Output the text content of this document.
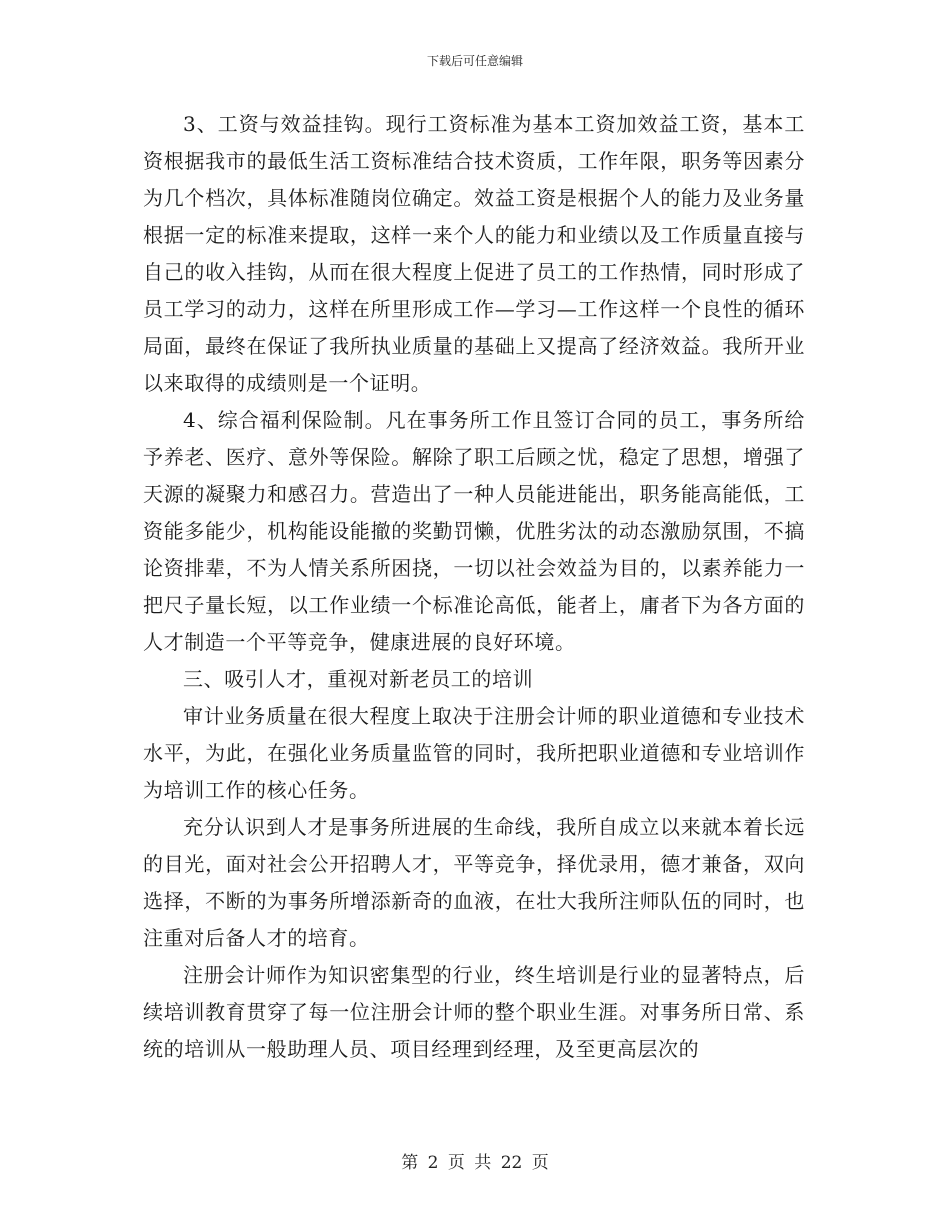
下载后可任意编辑

3、工资与效益挂钩。现行工资标准为基本工资加效益工资，基本工资根据我市的最低生活工资标准结合技术资质，工作年限，职务等因素分为几个档次，具体标准随岗位确定。效益工资是根据个人的能力及业务量根据一定的标准来提取，这样一来个人的能力和业绩以及工作质量直接与自己的收入挂钩，从而在很大程度上促进了员工的工作热情，同时形成了员工学习的动力，这样在所里形成工作—学习—工作这样一个良性的循环局面，最终在保证了我所执业质量的基础上又提高了经济效益。我所开业以来取得的成绩则是一个证明。

4、综合福利保险制。凡在事务所工作且签订合同的员工，事务所给予养老、医疗、意外等保险。解除了职工后顾之忧，稳定了思想，增强了天源的凝聚力和感召力。营造出了一种人员能进能出，职务能高能低，工资能多能少，机构能设能撤的奖勤罚懒，优胜劣汰的动态激励氛围，不搞论资排辈，不为人情关系所困挠，一切以社会效益为目的，以素养能力一把尺子量长短，以工作业绩一个标准论高低，能者上，庸者下为各方面的人才制造一个平等竞争，健康进展的良好环境。

三、吸引人才，重视对新老员工的培训

审计业务质量在很大程度上取决于注册会计师的职业道德和专业技术水平，为此，在强化业务质量监管的同时，我所把职业道德和专业培训作为培训工作的核心任务。

充分认识到人才是事务所进展的生命线，我所自成立以来就本着长远的目光，面对社会公开招聘人才，平等竞争，择优录用，德才兼备，双向选择，不断的为事务所增添新奇的血液，在壮大我所注师队伍的同时，也注重对后备人才的培育。

注册会计师作为知识密集型的行业，终生培训是行业的显著特点，后续培训教育贯穿了每一位注册会计师的整个职业生涯。对事务所日常、系统的培训从一般助理人员、项目经理到经理，及至更高层次的

第 2 页 共 22 页
